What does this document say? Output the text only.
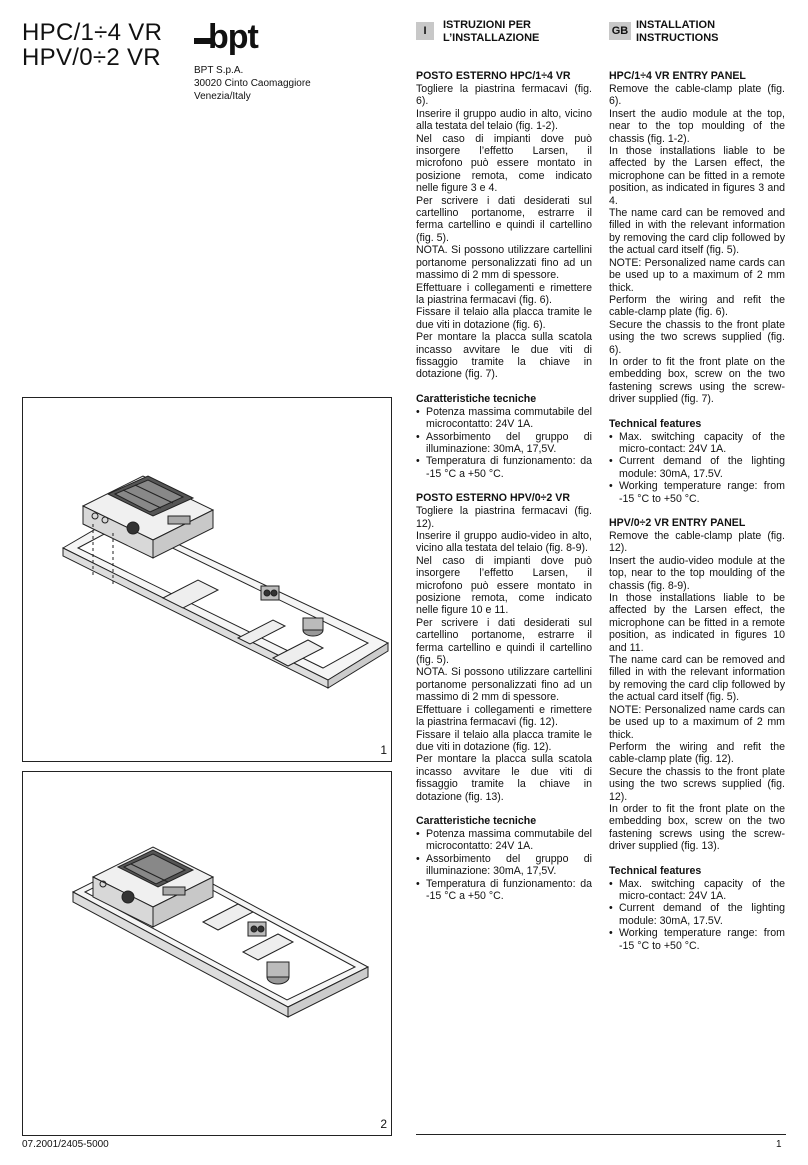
HPC/1÷4 VR
HPV/0÷2 VR
bpt
BPT S.p.A.
30020 Cinto Caomaggiore
Venezia/Italy
I	ISTRUZIONI PER
L’INSTALLAZIONE
GB INSTALLATION
INSTRUCTIONS
POSTO ESTERNO HPC/1÷4 VR

Togliere la piastrina fermacavi (fig. 6).

Inserire il gruppo audio in alto, vicino alla testata del telaio (fig. 1-2).

Nel caso di impianti dove può insorgere l’effetto Larsen, il microfono può essere montato in posizione remota, come indicato nelle figure 3 e 4.

Per scrivere i dati desiderati sul cartellino portanome, estrarre il ferma cartellino e quindi il cartellino (fig. 5).

NOTA. Si possono utilizzare cartellini portanome personalizzati fino ad un massimo di 2 mm di spessore.

Effettuare i collegamenti e rimettere la piastrina fermacavi (fig. 6).

Fissare il telaio alla placca tramite le due viti in dotazione (fig. 6).

Per montare la placca sulla scatola incasso avvitare le due viti di fissaggio tramite la chiave in dotazione (fig. 7).

Caratteristiche tecniche
• Potenza massima commutabile del microcontatto: 24V 1A.
• Assorbimento del gruppo di illuminazione: 30mA, 17,5V.
• Temperatura di funzionamento: da -15 °C a +50 °C.
POSTO ESTERNO HPV/0÷2 VR

Togliere la piastrina fermacavi (fig. 12).

Inserire il gruppo audio-video in alto, vicino alla testata del telaio (fig. 8-9).

Nel caso di impianti dove può insorgere l’effetto Larsen, il microfono può essere montato in posizione remota, come indicato nelle figure 10 e 11.

Per scrivere i dati desiderati sul cartellino portanome, estrarre il ferma cartellino e quindi il cartellino (fig. 5).

NOTA. Si possono utilizzare cartellini portanome personalizzati fino ad un massimo di 2 mm di spessore.

Effettuare i collegamenti e rimettere la piastrina fermacavi (fig. 12).

Fissare il telaio alla placca tramite le due viti in dotazione (fig. 12).

Per montare la placca sulla scatola incasso avvitare le due viti di fissaggio tramite la chiave in dotazione (fig. 13).

Caratteristiche tecniche
• Potenza massima commutabile del microcontatto: 24V 1A.
• Assorbimento del gruppo di illuminazione: 30mA, 17,5V.
• Temperatura di funzionamento: da -15 °C a +50 °C.
HPC/1÷4 VR ENTRY PANEL

Remove the cable-clamp plate (fig. 6).

Insert the audio module at the top, near to the top moulding of the chassis (fig. 1-2).

In those installations liable to be affected by the Larsen effect, the microphone can be fitted in a remote position, as indicated in figures 3 and 4.

The name card can be removed and filled in with the relevant information by removing the card clip followed by the actual card itself (fig. 5).

NOTE: Personalized name cards can be used up to a maximum of 2 mm thick.

Perform the wiring and refit the cable-clamp plate (fig. 6).

Secure the chassis to the front plate using the two screws supplied (fig. 6).

In order to fit the front plate on the embedding box, screw on the two fastening screws using the screw-driver supplied (fig. 7).

Technical features
• Max. switching capacity of the micro-contact: 24V 1A.
• Current demand of the lighting module: 30mA, 17.5V.
• Working temperature range: from -15 °C to +50 °C.
HPV/0÷2 VR ENTRY PANEL

Remove the cable-clamp plate (fig. 12).

Insert the audio-video module at the top, near to the top moulding of the chassis (fig. 8-9).

In those installations liable to be affected by the Larsen effect, the microphone can be fitted in a remote position, as indicated in figures 10 and 11.

The name card can be removed and filled in with the relevant information by removing the card clip followed by the actual card itself (fig. 5).

NOTE: Personalized name cards can be used up to a maximum of 2 mm thick.

Perform the wiring and refit the cable-clamp plate (fig. 12).

Secure the chassis to the front plate using the two screws supplied (fig. 12).

In order to fit the front plate on the embedding box, screw on the two fastening screws using the screw-driver supplied (fig. 13).

Technical features
• Max. switching capacity of the micro-contact: 24V 1A.
• Current demand of the lighting module: 30mA, 17.5V.
• Working temperature range: from -15 °C to +50 °C.
1
2
07.2001/2405-5000	1
